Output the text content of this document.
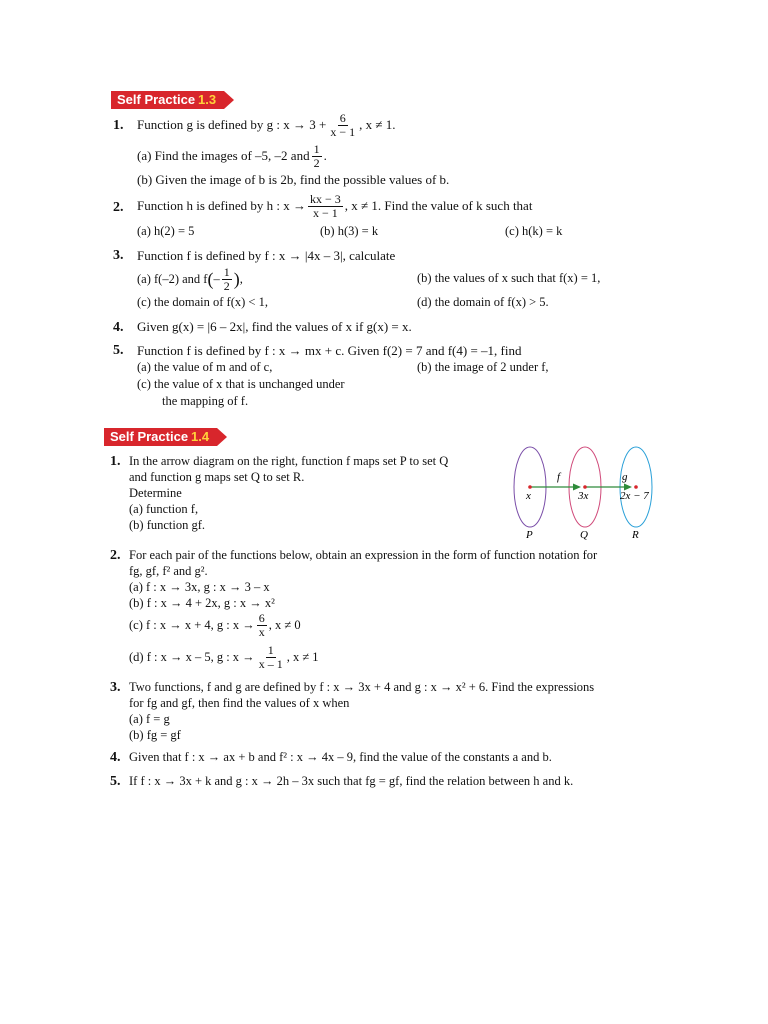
Self Practice 1.3
1. Function
g is defined by g : $x \to 3 + \frac{6}{x - 1}$ , x ≠ 1.
(a) Find the images of –5, –2 and $\frac{1}{2}$ .
(b) Given the image of b is 2b, find the possible values of b.
2. Function h is defined by h : $x \to \frac{kx - 3}{x - 1}$ , x ≠ 1. Find the value of k such that
(a) h(2) = 5	(b) h(3) = k	(c) h(k) = k
3. Function f is defined by f : x → |4x – 3|, calculate
(a) f(–2) and f ( – $\frac{1}{2}$ ) ,	(b) the values of x such that f(x) = 1,
(c) the domain of f(x) < 1,	(d) the domain of f(x) > 5.
4. Given g(x) = |6 – 2x|, find the values of x if g(x) = x.
5. Function f is defined by f : x → mx + c. Given f(2) = 7 and f(4) = –1, find
(a) the value of m and of c,	(b) the image of 2 under f,
(c) the value of x that is unchanged under
the mapping of f.
Self Practice 1.4
1. In the arrow diagram on the right, function f maps set P to set Q
and function g maps set Q to set R.
Determine
(a) function f,
(b) function gf.
f	g
x	3x	2x − 7
P	Q	R
2. For each pair of the functions below, obtain an expression in the form of function notation for
fg, gf, f² and g².
(a) f : x → 3x, g : x → 3 – x
(b) f : x → 4 + 2x, g : x → x²
(c) f : x → x + 4, g : $x \to \frac{6}{x}$ , x ≠ 0
(d) f : x → x – 5, g : $x \to \frac{1}{x - 1}$ , x ≠ 1
3. Two functions, f and g are defined by f : x → 3x + 4 and g : x → x² + 6. Find the expressions
for fg and gf, then find the values of x when
(a) f = g
(b) fg = gf
4. Given that f : x → ax + b and f² : x → 4x – 9, find the value of the constants a and b.
5. If f : x → 3x + k and g : x → 2h – 3x such that fg = gf, find the relation between h and k.
